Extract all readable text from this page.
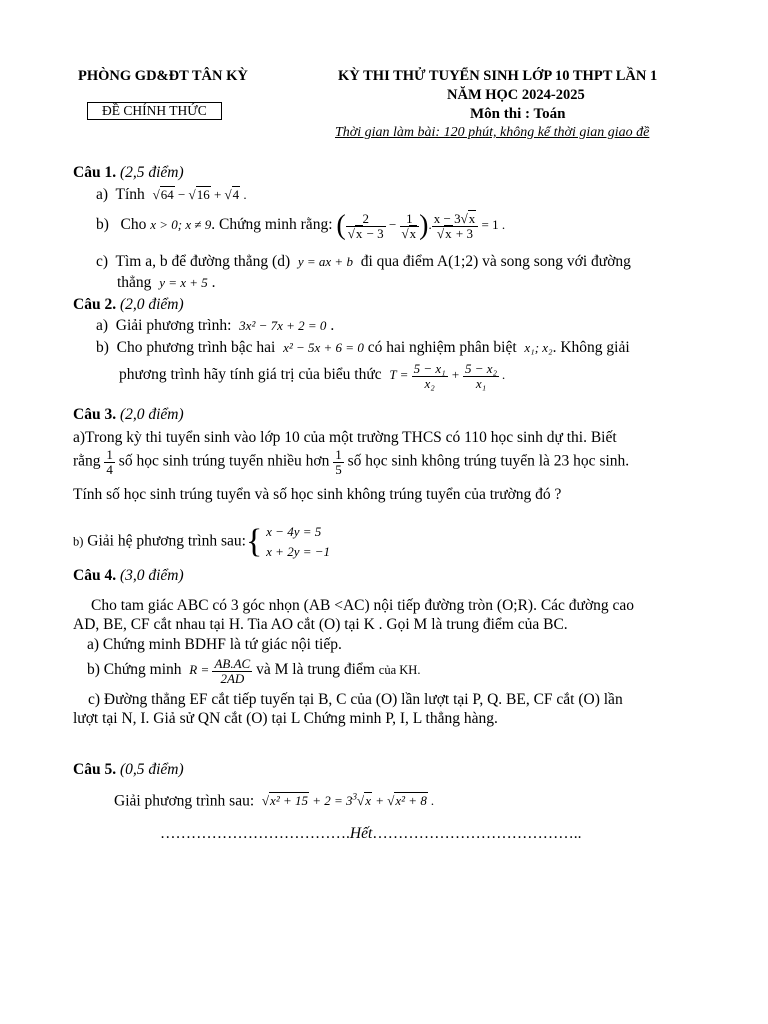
PHÒNG GD&ĐT TÂN KỲ
ĐỀ CHÍNH THỨC
KỲ THI THỬ TUYỂN SINH LỚP 10 THPT LẦN 1
NĂM HỌC 2024-2025
Môn thi : Toán
Thời gian làm bài: 120 phút, không kể thời gian giao đề
Câu 1. (2,5 điểm)
a) Tính √64 − √16 + √4 .
b) Cho x > 0; x ≠ 9. Chứng minh rằng: ( $\frac{2}{√x - 3} - \frac{1}{√x}$ ). $\frac{x - 3√x}{√x + 3} = 1$ .
c) Tìm a, b để đường thẳng (d) y = ax + b đi qua điểm A(1;2) và song song với đường
thẳng y = x + 5 .
Câu 2. (2,0 điểm)
a) Giải phương trình: 3x² − 7x + 2 = 0 .
b) Cho phương trình bậc hai x² − 5x + 6 = 0 có hai nghiệm phân biệt x₁; x₂. Không giải
phương trình hãy tính giá trị của biểu thức $T = \frac{\text{5 − x₁}}{\text{x₂}} + \frac{\text{5 − x₂}}{\text{x₁}}$ .
Câu 3. (2,0 điểm)
a)Trong kỳ thi tuyển sinh vào lớp 10 của một trường THCS có 110 học sinh dự thi. Biết
rằng $\frac{1}{4}$ số học sinh trúng tuyển nhiều hơn $\frac{1}{5}$ số học sinh không trúng tuyển là 23 học sinh.
Tính số học sinh trúng tuyển và số học sinh không trúng tuyển của trường đó ?
b) Giải hệ phương trình sau:{ x − 4y = 5
x + 2y = −1
Câu 4. (3,0 điểm)
Cho tam giác ABC có 3 góc nhọn (AB <AC) nội tiếp đường tròn (O;R). Các đường cao
AD, BE, CF cắt nhau tại H. Tia AO cắt (O) tại K . Gọi M là trung điểm của BC.
a) Chứng minh BDHF là tứ giác nội tiếp.
b) Chứng minh $R = \frac{AB.AC}{2AD}$ và M là trung điểm của KH.
c) Đường thẳng EF cắt tiếp tuyến tại B, C của (O) lần lượt tại P, Q. BE, CF cắt (O) lần
lượt tại N, I. Giả sử QN cắt (O) tại L Chứng minh P, I, L thẳng hàng.
Câu 5. (0,5 điểm)
Giải phương trình sau: $√x^2 + 15 + 2 = 3^3√x + √x^2 + 8$ .
……………………………….Hết…………………………………..
